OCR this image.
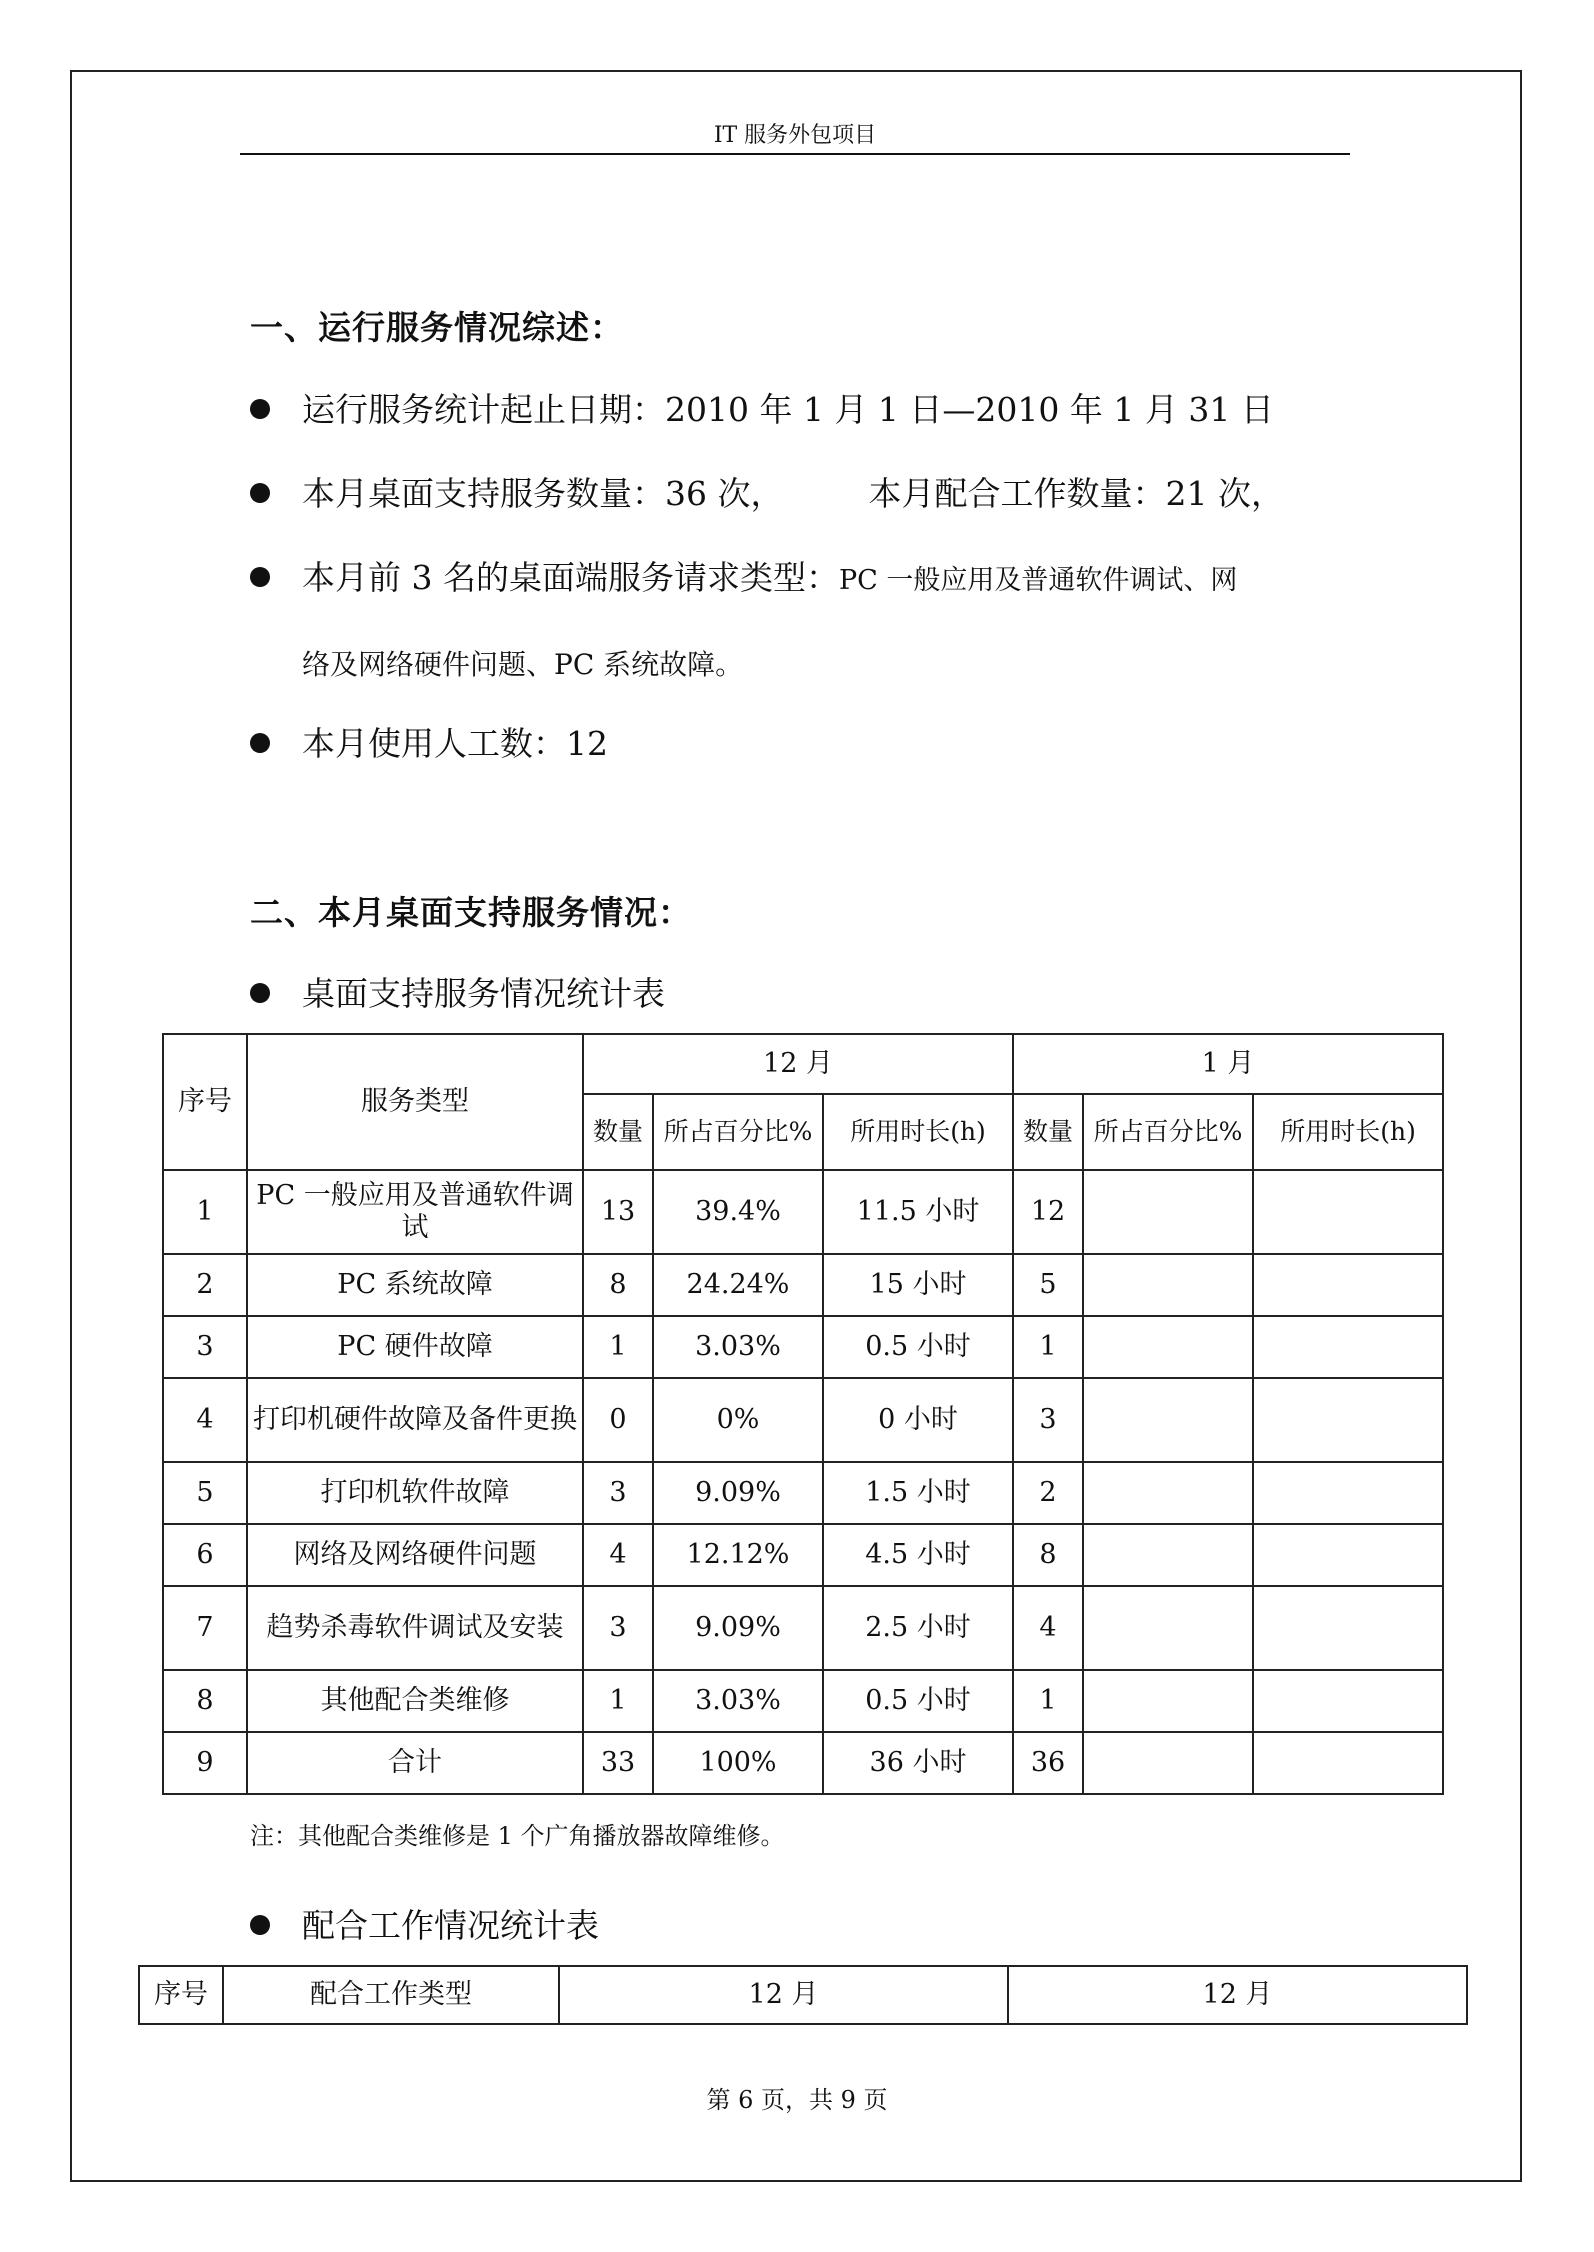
IT 服务外包项目
一、运行服务情况综述：
运行服务统计起止日期：2010 年 1 月 1 日—2010 年 1 月 31 日
本月桌面支持服务数量：36 次，	本月配合工作数量：21 次，
本月前 3 名的桌面端服务请求类型：PC 一般应用及普通软件调试、网
络及网络硬件问题、PC 系统故障。
本月使用人工数：12
二、本月桌面支持服务情况：
桌面支持服务情况统计表
序号	服务类型	12 月			1 月		
		数量	所占百分比%	所用时长(h)	数量	所占百分比%	所用时长(h)
1	PC 一般应用及普通软件调试	13	39.4%	11.5 小时	12		
2	PC 系统故障	8	24.24%	15 小时	5		
3	PC 硬件故障	1	3.03%	0.5 小时	1		
4	打印机硬件故障及备件更换	0	0%	0 小时	3		
5	打印机软件故障	3	9.09%	1.5 小时	2		
6	网络及网络硬件问题	4	12.12%	4.5 小时	8		
7	趋势杀毒软件调试及安装	3	9.09%	2.5 小时	4		
8	其他配合类维修	1	3.03%	0.5 小时	1		
9	合计	33	100%	36 小时	36		
注：其他配合类维修是 1 个广角播放器故障维修。
配合工作情况统计表
序号	配合工作类型	12 月	12 月
第 6 页，共 9 页
